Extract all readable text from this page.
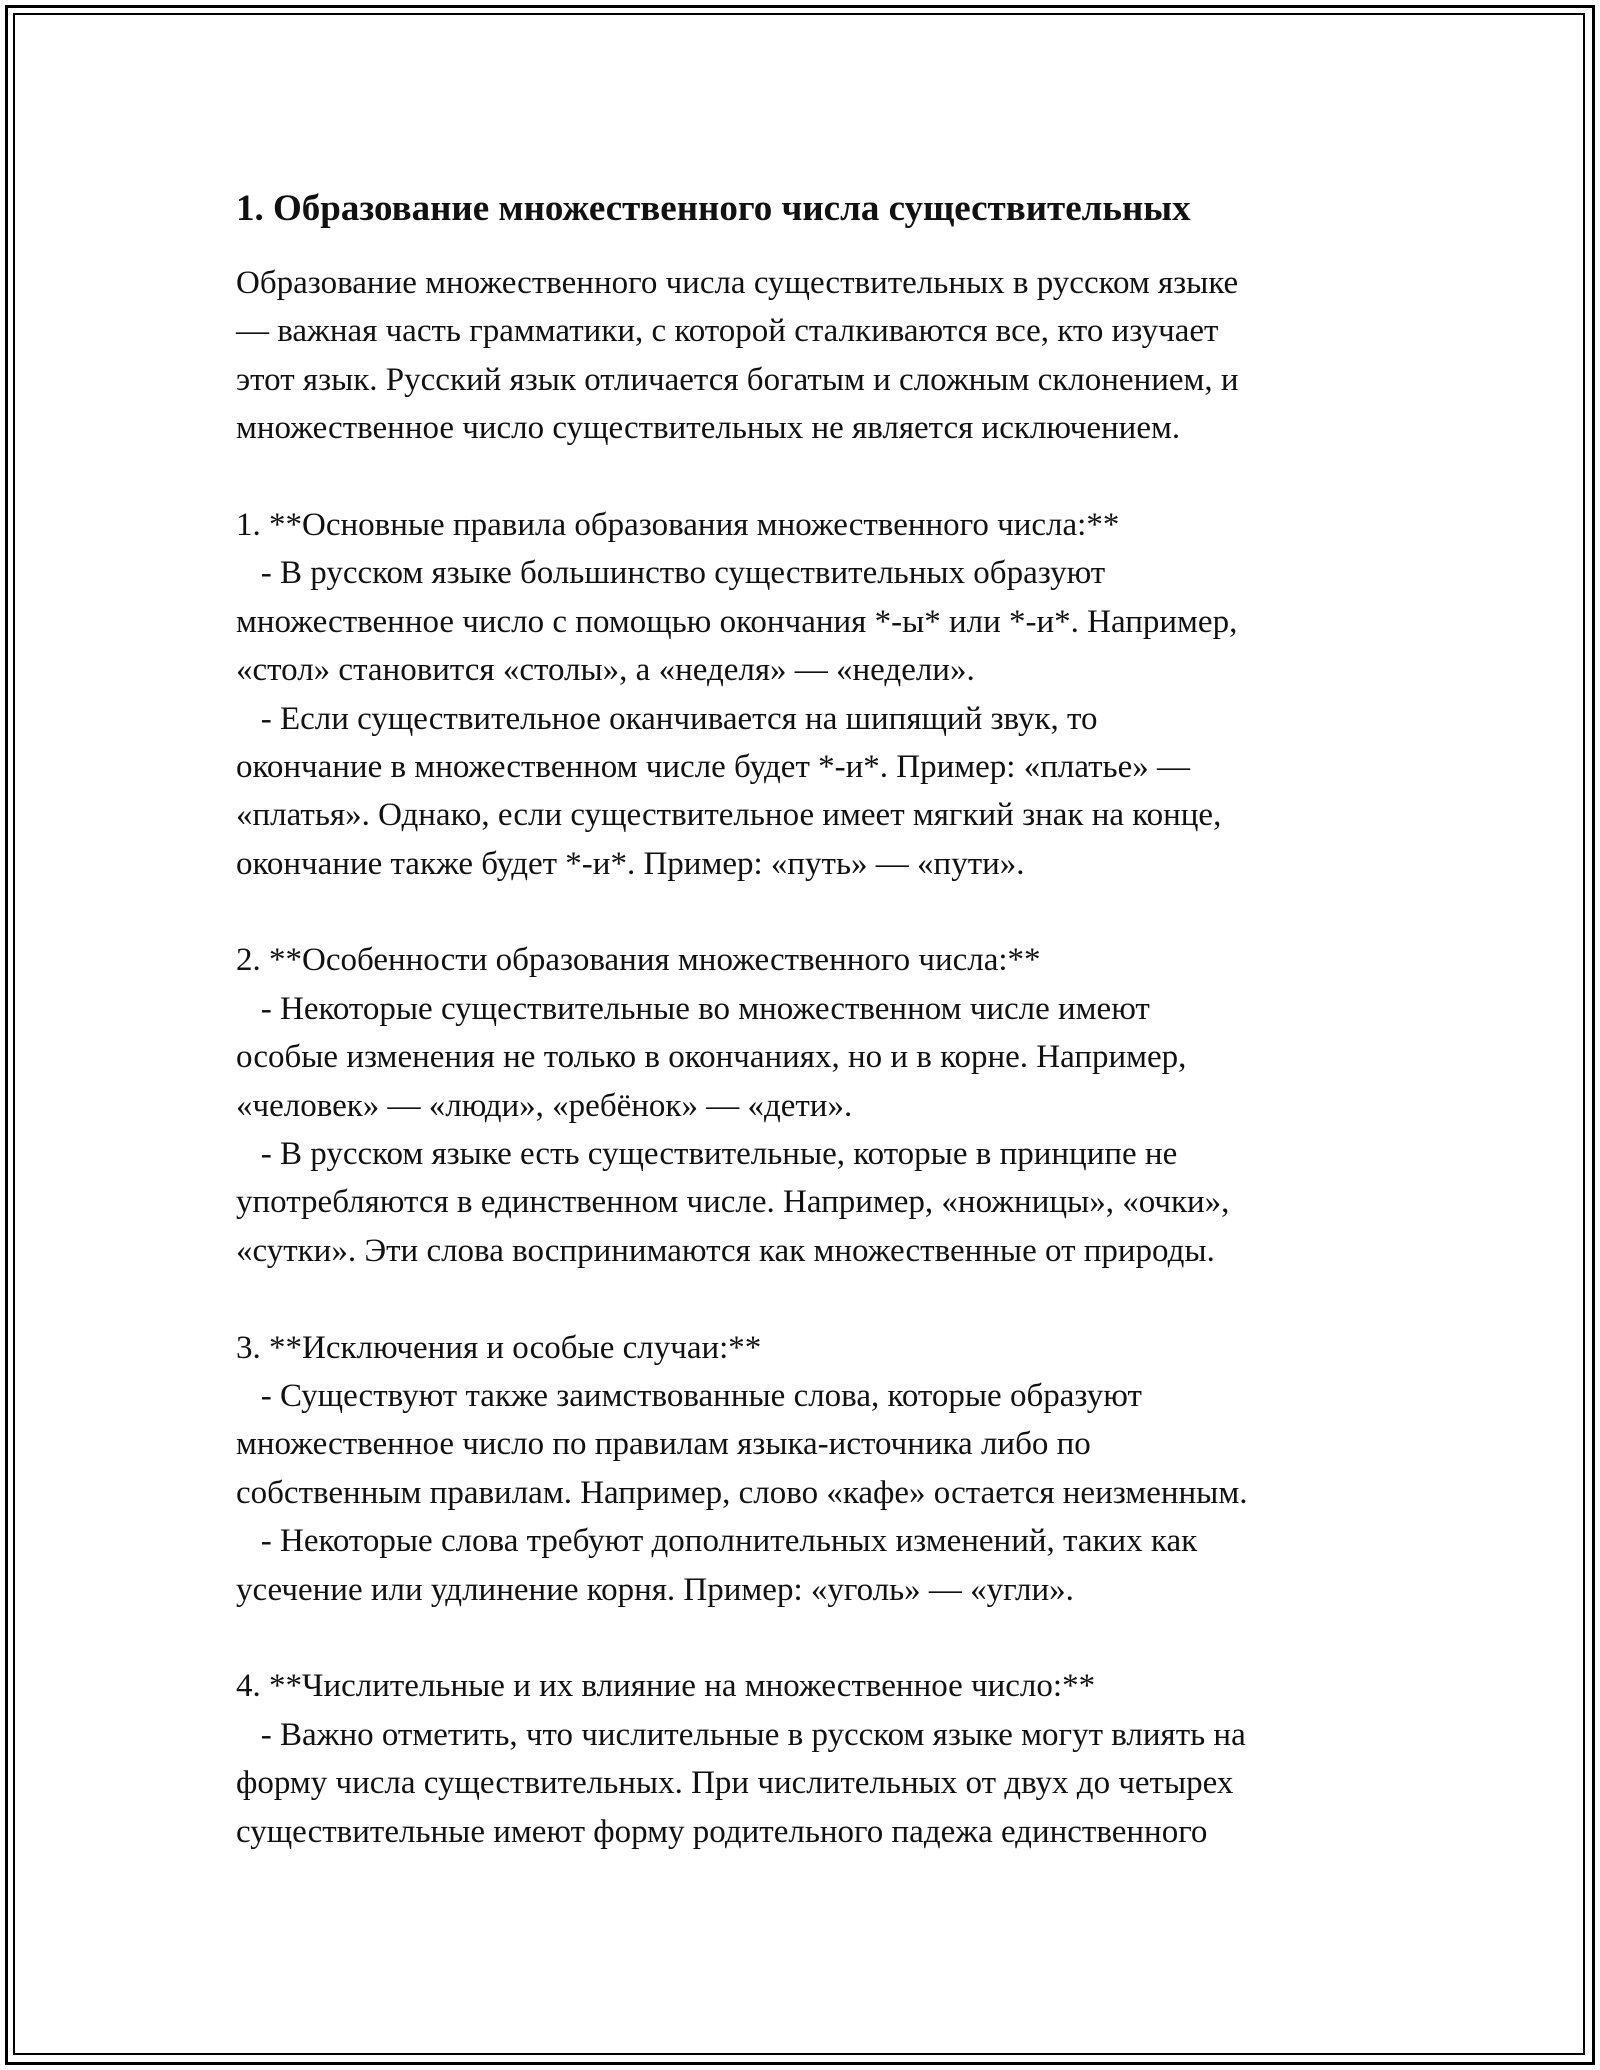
1. Образование множественного числа существительных
Образование множественного числа существительных в русском языке
— важная часть грамматики, с которой сталкиваются все, кто изучает
этот язык. Русский язык отличается богатым и сложным склонением, и
множественное число существительных не является исключением.
1. **Основные правила образования множественного числа:**
- В русском языке большинство существительных образуют
множественное число с помощью окончания *-ы* или *-и*. Например,
«стол» становится «столы», а «неделя» — «недели».
- Если существительное оканчивается на шипящий звук, то
окончание в множественном числе будет *-и*. Пример: «платье» —
«платья». Однако, если существительное имеет мягкий знак на конце,
окончание также будет *-и*. Пример: «путь» — «пути».
2. **Особенности образования множественного числа:**
- Некоторые существительные во множественном числе имеют
особые изменения не только в окончаниях, но и в корне. Например,
«человек» — «люди», «ребёнок» — «дети».
- В русском языке есть существительные, которые в принципе не
употребляются в единственном числе. Например, «ножницы», «очки»,
«сутки». Эти слова воспринимаются как множественные от природы.
3. **Исключения и особые случаи:**
- Существуют также заимствованные слова, которые образуют
множественное число по правилам языка-источника либо по
собственным правилам. Например, слово «кафе» остается неизменным.
- Некоторые слова требуют дополнительных изменений, таких как
усечение или удлинение корня. Пример: «уголь» — «угли».
4. **Числительные и их влияние на множественное число:**
- Важно отметить, что числительные в русском языке могут влиять на
форму числа существительных. При числительных от двух до четырех
существительные имеют форму родительного падежа единственного
